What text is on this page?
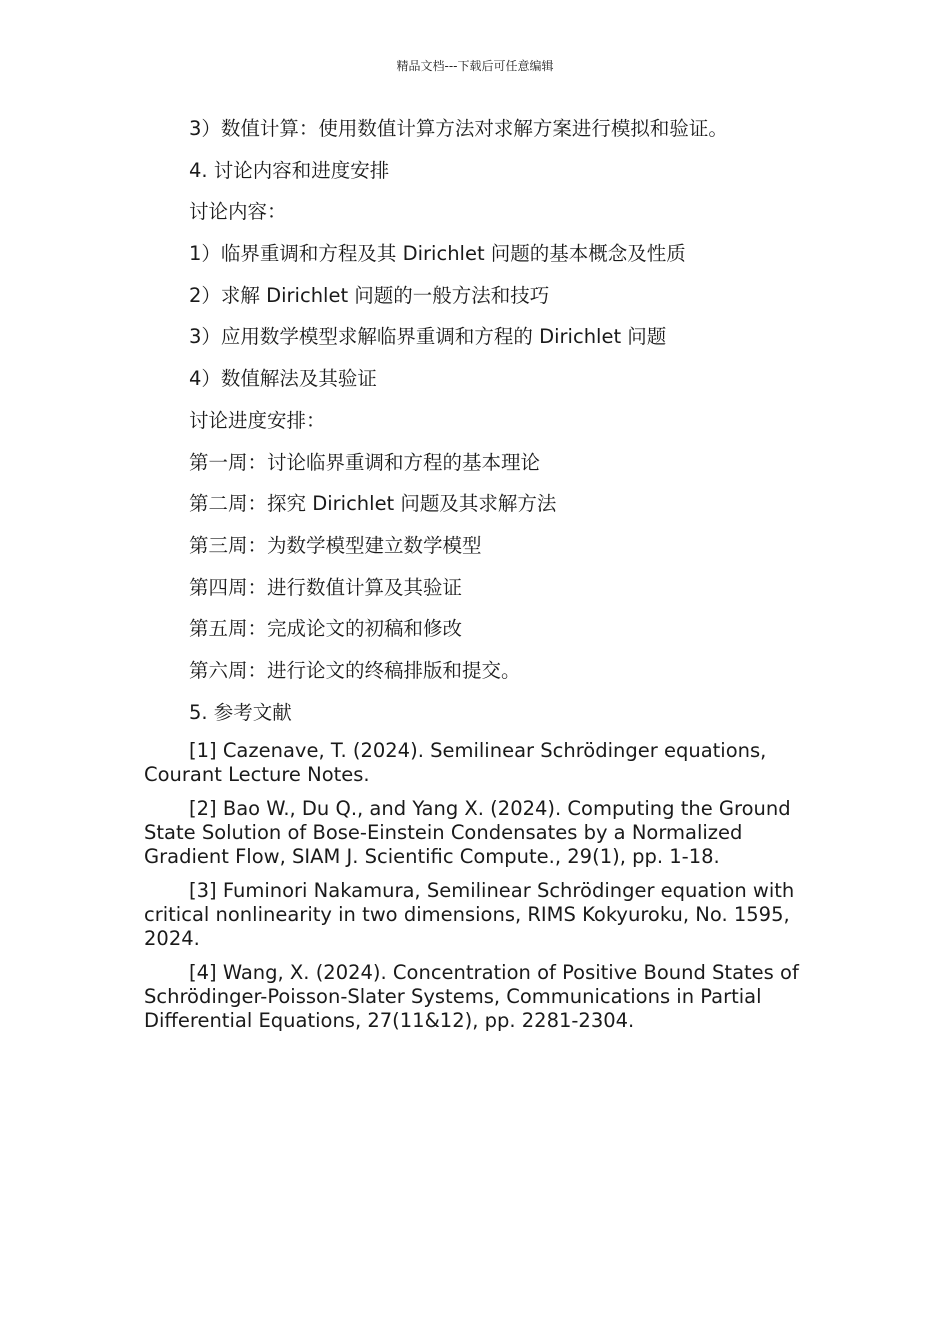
精品文档---下载后可任意编辑
3）数值计算：使用数值计算方法对求解方案进行模拟和验证。
4. 讨论内容和进度安排
讨论内容：
1）临界重调和方程及其 Dirichlet 问题的基本概念及性质
2）求解 Dirichlet 问题的一般方法和技巧
3）应用数学模型求解临界重调和方程的 Dirichlet 问题
4）数值解法及其验证
讨论进度安排：
第一周：讨论临界重调和方程的基本理论
第二周：探究 Dirichlet 问题及其求解方法
第三周：为数学模型建立数学模型
第四周：进行数值计算及其验证
第五周：完成论文的初稿和修改
第六周：进行论文的终稿排版和提交。
5. 参考文献
[1] Cazenave, T. (2024). Semilinear Schrödinger equations, Courant Lecture Notes.
[2] Bao W., Du Q., and Yang X. (2024). Computing the Ground State Solution of Bose-Einstein Condensates by a Normalized Gradient Flow, SIAM J. Scientific Compute., 29(1), pp. 1-18.
[3] Fuminori Nakamura, Semilinear Schrödinger equation with critical nonlinearity in two dimensions, RIMS Kokyuroku, No. 1595, 2024.
[4] Wang, X. (2024). Concentration of Positive Bound States of Schrödinger-Poisson-Slater Systems, Communications in Partial Differential Equations, 27(11&12), pp. 2281-2304.
